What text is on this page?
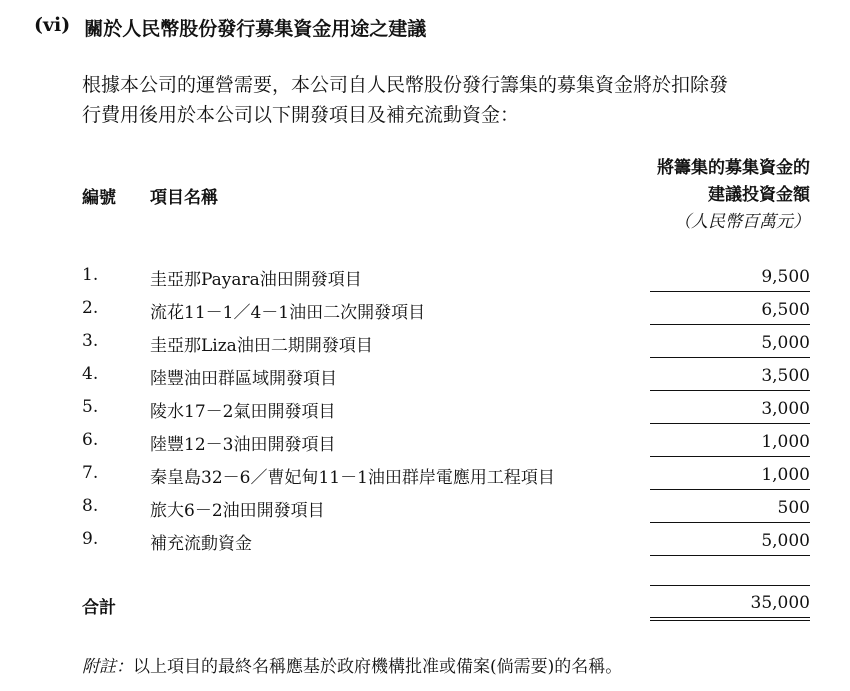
(vi) 關於人民幣股份發行募集資金用途之建議
根據本公司的運營需要，本公司自人民幣股份發行籌集的募集資金將於扣除發
行費用後用於本公司以下開發項目及補充流動資金：
編號 項目名稱
將籌集的募集資金的
建議投資金額
（人民幣百萬元）
1.	圭亞那Payara油田開發項目	9,500
2.	流花11－1／4－1油田二次開發項目	6,500
3.	圭亞那Liza油田二期開發項目	5,000
4.	陸豐油田群區域開發項目	3,500
5.	陵水17－2氣田開發項目	3,000
6.	陸豐12－3油田開發項目	1,000
7.	秦皇島32－6／曹妃甸11－1油田群岸電應用工程項目	1,000
8.	旅大6－2油田開發項目	500
9.	補充流動資金	5,000
合計	35,000
附註：以上項目的最終名稱應基於政府機構批准或備案(倘需要)的名稱。
